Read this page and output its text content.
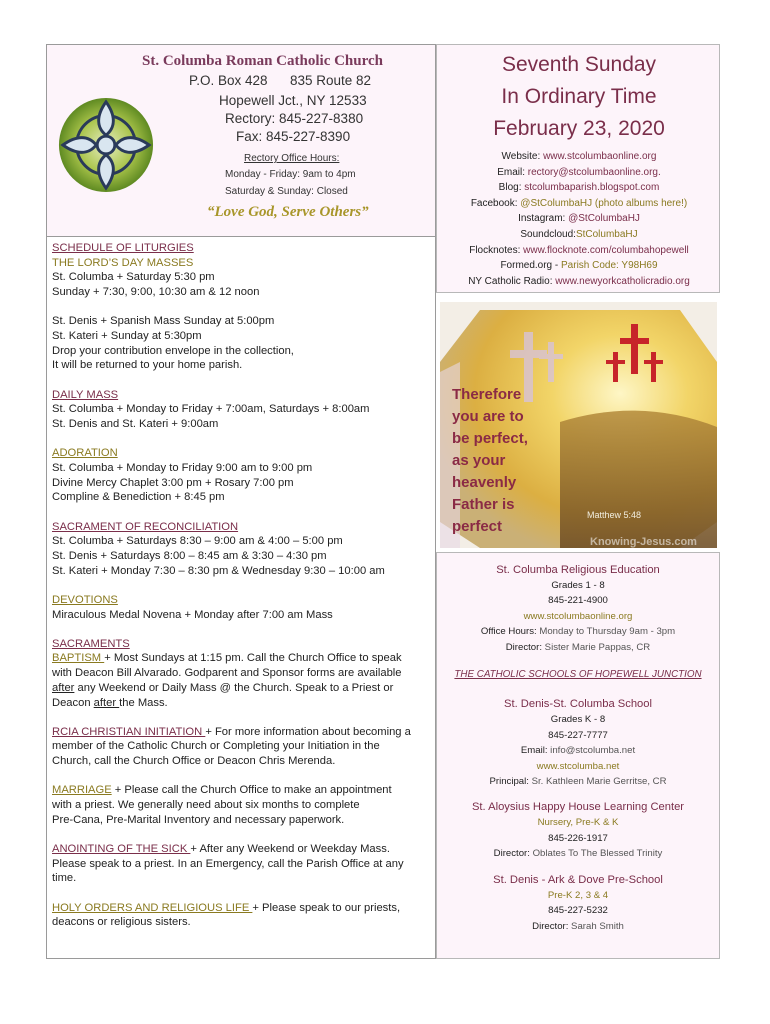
St. Columba Roman Catholic Church
P.O. Box 428 835 Route 82
Hopewell Jct., NY 12533
Rectory: 845-227-8380
Fax: 845-227-8390
Rectory Office Hours:
Monday - Friday: 9am to 4pm
Saturday & Sunday: Closed
“Love God, Serve Others”
Seventh Sunday
In Ordinary Time
February 23, 2020
Website: www.stcolumbaonline.org
Email: rectory@stcolumbaonline.org.
Blog: stcolumbaparish.blogspot.com
Facebook: @StColumbaHJ (photo albums here!)
Instagram: @StColumbaHJ
Soundcloud:StColumbaHJ
Flocknotes: www.flocknote.com/columbahopewell
Formed.org - Parish Code: Y98H69
NY Catholic Radio: www.newyorkcatholicradio.org
SCHEDULE OF LITURGIES
THE LORD’S DAY MASSES
St. Columba + Saturday 5:30 pm
Sunday + 7:30, 9:00, 10:30 am & 12 noon
St. Denis + Spanish Mass Sunday at 5:00pm
St. Kateri + Sunday at 5:30pm
Drop your contribution envelope in the collection,
It will be returned to your home parish.
DAILY MASS
St. Columba + Monday to Friday + 7:00am, Saturdays + 8:00am
St. Denis and St. Kateri + 9:00am
ADORATION
St. Columba + Monday to Friday 9:00 am to 9:00 pm
Divine Mercy Chaplet 3:00 pm + Rosary 7:00 pm
Compline & Benediction + 8:45 pm
SACRAMENT OF RECONCILIATION
St. Columba + Saturdays 8:30 – 9:00 am & 4:00 – 5:00 pm
St. Denis + Saturdays 8:00 – 8:45 am & 3:30 – 4:30 pm
St. Kateri + Monday 7:30 – 8:30 pm & Wednesday 9:30 – 10:00 am
DEVOTIONS
Miraculous Medal Novena + Monday after 7:00 am Mass
SACRAMENTS
BAPTISM + Most Sundays at 1:15 pm. Call the Church Office to speak
with Deacon Bill Alvarado. Godparent and Sponsor forms are available
after any Weekend or Daily Mass @ the Church. Speak to a Priest or
Deacon after the Mass.
RCIA CHRISTIAN INITIATION + For more information about becoming a
member of the Catholic Church or Completing your Initiation in the
Church, call the Church Office or Deacon Chris Merenda.
MARRIAGE + Please call the Church Office to make an appointment
with a priest. We generally need about six months to complete
Pre-Cana, Pre-Marital Inventory and necessary paperwork.
ANOINTING OF THE SICK + After any Weekend or Weekday Mass.
Please speak to a priest. In an Emergency, call the Parish Office at any
time.
HOLY ORDERS AND RELIGIOUS LIFE + Please speak to our priests,
deacons or religious sisters.
Therefore
you are to
be perfect,
as your
heavenly
Father is
perfect
Matthew 5:48
Knowing-Jesus.com
St. Columba Religious Education
Grades 1 - 8
845-221-4900
www.stcolumbaonline.org
Office Hours: Monday to Thursday 9am - 3pm
Director: Sister Marie Pappas, CR
THE CATHOLIC SCHOOLS OF HOPEWELL JUNCTION
St. Denis-St. Columba School
Grades K - 8
845-227-7777
Email: info@stcolumba.net
www.stcolumba.net
Principal: Sr. Kathleen Marie Gerritse, CR
St. Aloysius Happy House Learning Center
Nursery, Pre-K & K
845-226-1917
Director: Oblates To The Blessed Trinity
St. Denis - Ark & Dove Pre-School
Pre-K 2, 3 & 4
845-227-5232
Director: Sarah Smith
